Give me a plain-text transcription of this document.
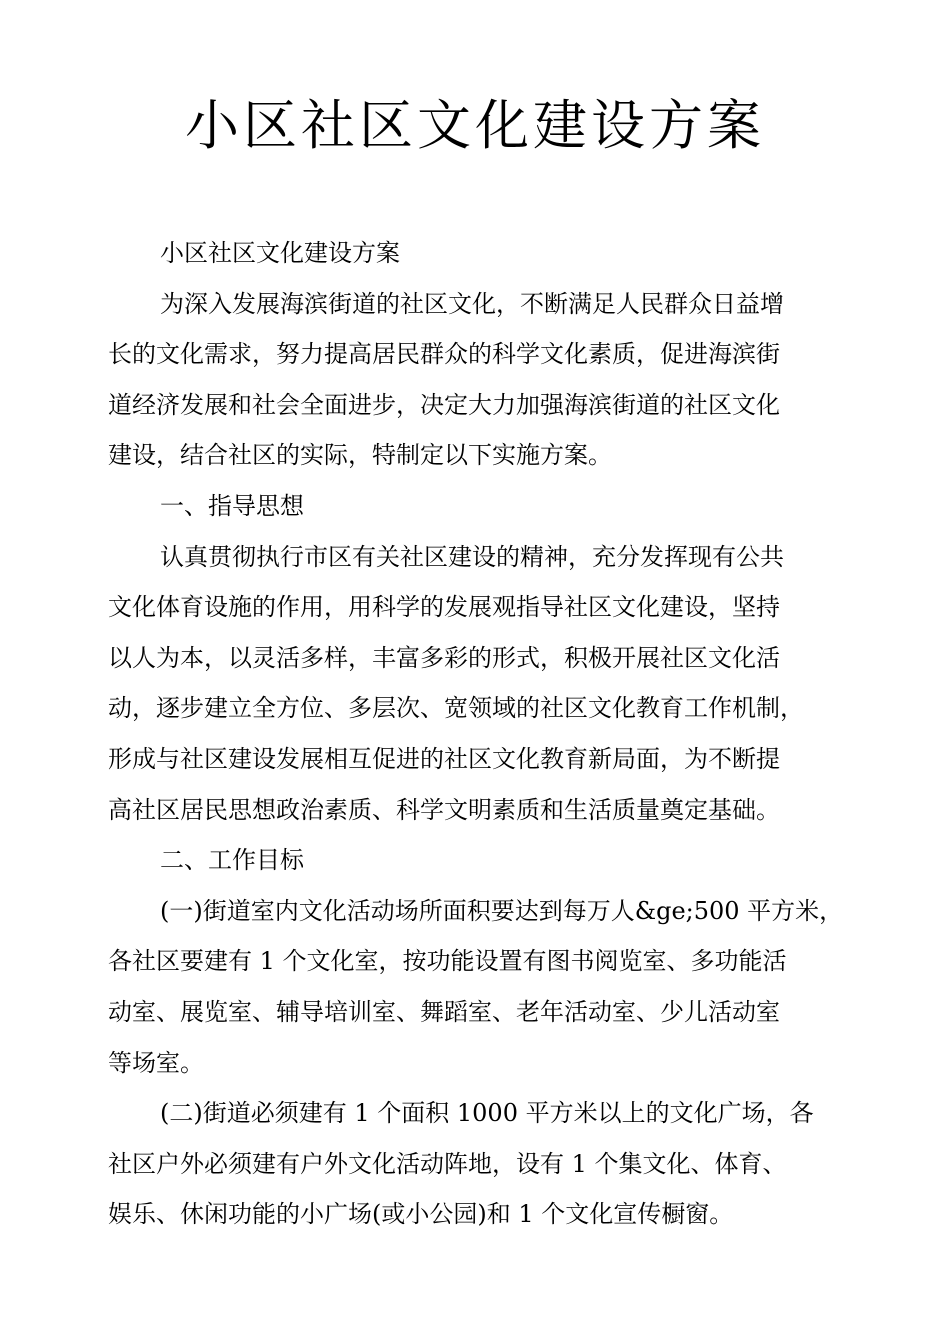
小区社区文化建设方案
小区社区文化建设方案
为深入发展海滨街道的社区文化，不断满足人民群众日益增
长的文化需求，努力提高居民群众的科学文化素质，促进海滨街
道经济发展和社会全面进步，决定大力加强海滨街道的社区文化
建设，结合社区的实际，特制定以下实施方案。
一、指导思想
认真贯彻执行市区有关社区建设的精神，充分发挥现有公共
文化体育设施的作用，用科学的发展观指导社区文化建设，坚持
以人为本，以灵活多样，丰富多彩的形式，积极开展社区文化活
动，逐步建立全方位、多层次、宽领域的社区文化教育工作机制，
形成与社区建设发展相互促进的社区文化教育新局面，为不断提
高社区居民思想政治素质、科学文明素质和生活质量奠定基础。
二、工作目标
(一)街道室内文化活动场所面积要达到每万人&ge;500 平方米，
各社区要建有 1 个文化室，按功能设置有图书阅览室、多功能活
动室、展览室、辅导培训室、舞蹈室、老年活动室、少儿活动室
等场室。
(二)街道必须建有 1 个面积 1000 平方米以上的文化广场，各
社区户外必须建有户外文化活动阵地，设有 1 个集文化、体育、
娱乐、休闲功能的小广场(或小公园)和 1 个文化宣传橱窗。
